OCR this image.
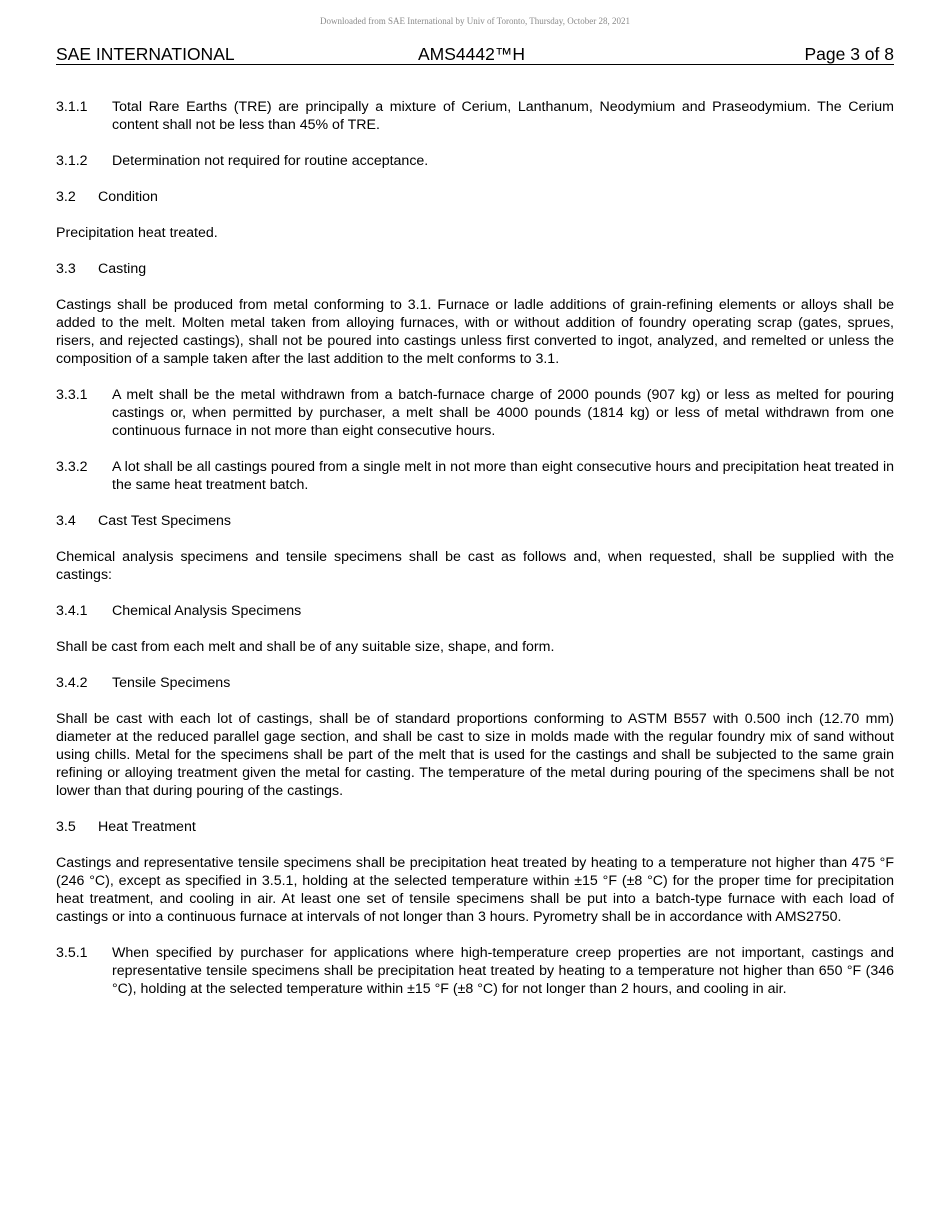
Downloaded from SAE International by Univ of Toronto, Thursday, October 28, 2021
SAE INTERNATIONAL	AMS4442™H	Page 3 of 8
3.1.1 Total Rare Earths (TRE) are principally a mixture of Cerium, Lanthanum, Neodymium and Praseodymium. The Cerium content shall not be less than 45% of TRE.
3.1.2 Determination not required for routine acceptance.
3.2 Condition
Precipitation heat treated.
3.3 Casting
Castings shall be produced from metal conforming to 3.1. Furnace or ladle additions of grain-refining elements or alloys shall be added to the melt. Molten metal taken from alloying furnaces, with or without addition of foundry operating scrap (gates, sprues, risers, and rejected castings), shall not be poured into castings unless first converted to ingot, analyzed, and remelted or unless the composition of a sample taken after the last addition to the melt conforms to 3.1.
3.3.1 A melt shall be the metal withdrawn from a batch-furnace charge of 2000 pounds (907 kg) or less as melted for pouring castings or, when permitted by purchaser, a melt shall be 4000 pounds (1814 kg) or less of metal withdrawn from one continuous furnace in not more than eight consecutive hours.
3.3.2 A lot shall be all castings poured from a single melt in not more than eight consecutive hours and precipitation heat treated in the same heat treatment batch.
3.4 Cast Test Specimens
Chemical analysis specimens and tensile specimens shall be cast as follows and, when requested, shall be supplied with the castings:
3.4.1 Chemical Analysis Specimens
Shall be cast from each melt and shall be of any suitable size, shape, and form.
3.4.2 Tensile Specimens
Shall be cast with each lot of castings, shall be of standard proportions conforming to ASTM B557 with 0.500 inch (12.70 mm) diameter at the reduced parallel gage section, and shall be cast to size in molds made with the regular foundry mix of sand without using chills. Metal for the specimens shall be part of the melt that is used for the castings and shall be subjected to the same grain refining or alloying treatment given the metal for casting. The temperature of the metal during pouring of the specimens shall be not lower than that during pouring of the castings.
3.5 Heat Treatment
Castings and representative tensile specimens shall be precipitation heat treated by heating to a temperature not higher than 475 °F (246 °C), except as specified in 3.5.1, holding at the selected temperature within ±15 °F (±8 °C) for the proper time for precipitation heat treatment, and cooling in air. At least one set of tensile specimens shall be put into a batch-type furnace with each load of castings or into a continuous furnace at intervals of not longer than 3 hours. Pyrometry shall be in accordance with AMS2750.
3.5.1 When specified by purchaser for applications where high-temperature creep properties are not important, castings and representative tensile specimens shall be precipitation heat treated by heating to a temperature not higher than 650 °F (346 °C), holding at the selected temperature within ±15 °F (±8 °C) for not longer than 2 hours, and cooling in air.
